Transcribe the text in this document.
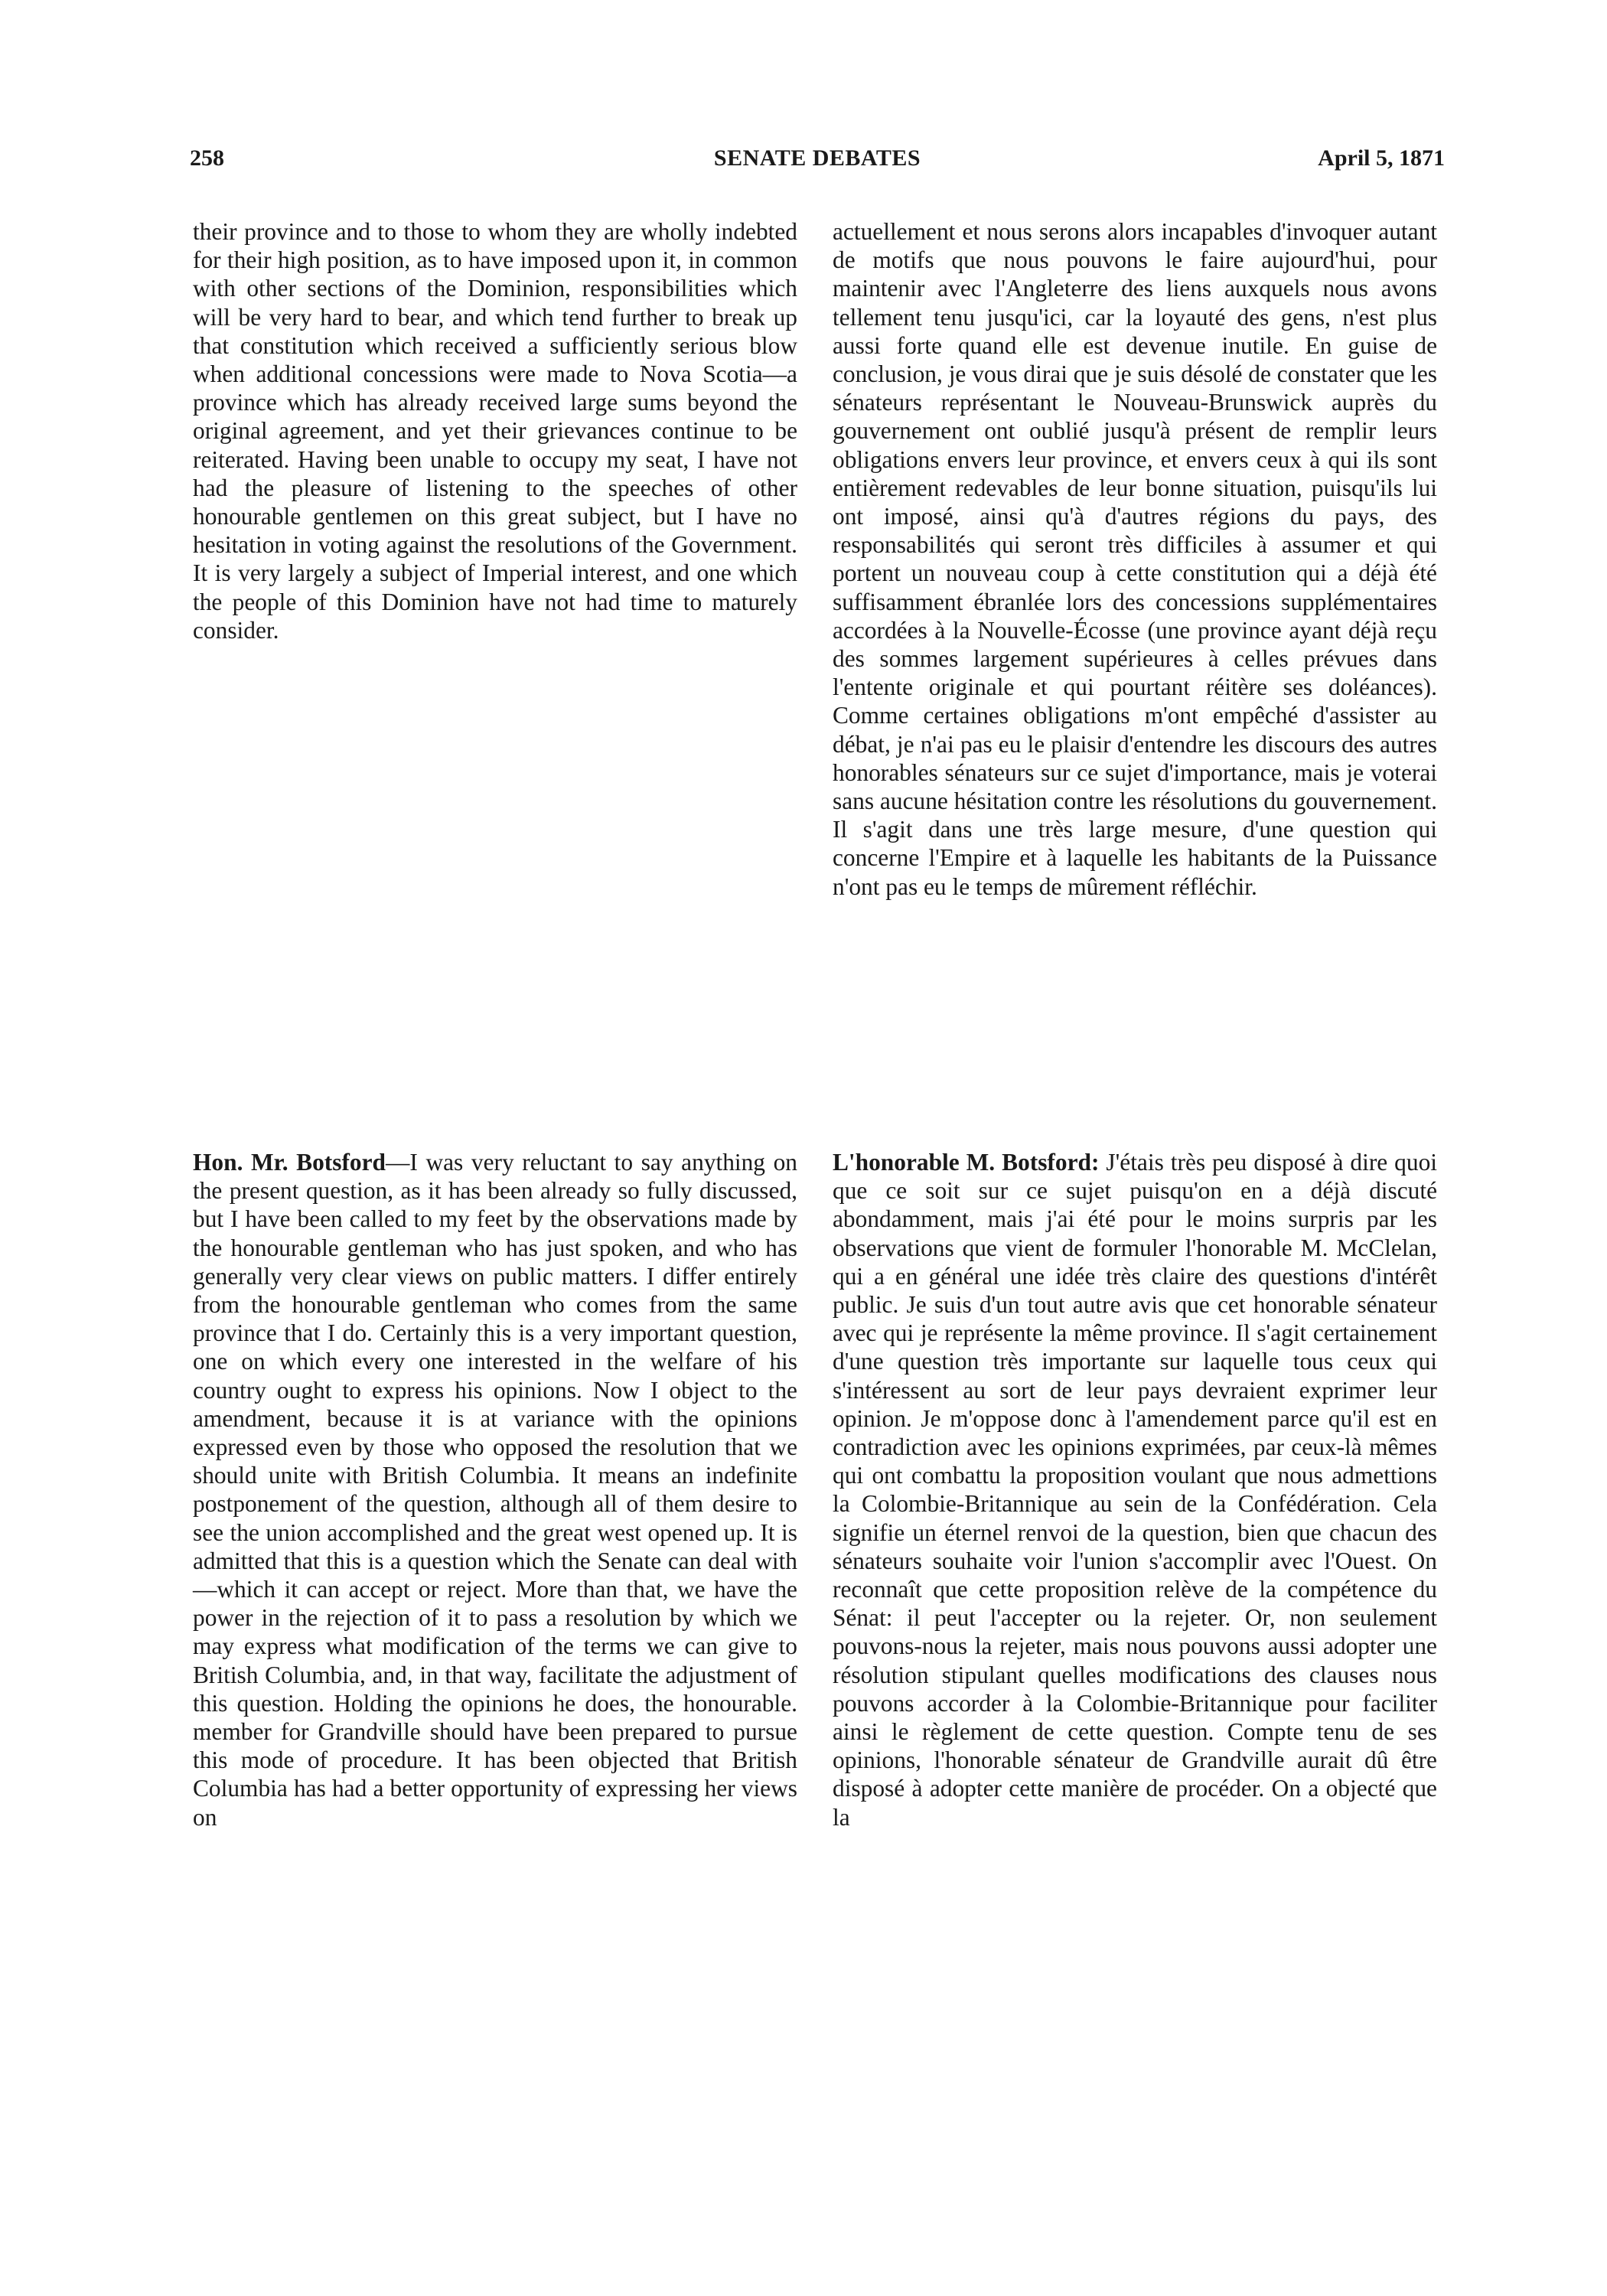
258	SENATE DEBATES	April 5, 1871

their province and to those to whom they are wholly indebted for their high position, as to have imposed upon it, in common with other sections of the Dominion, responsibilities which will be very hard to bear, and which tend further to break up that constitution which received a sufficiently serious blow when additional concessions were made to Nova Scotia—a province which has already received large sums beyond the original agreement, and yet their grievances continue to be reiterated. Having been unable to occupy my seat, I have not had the pleasure of listening to the speeches of other honourable gentlemen on this great subject, but I have no hesitation in voting against the resolutions of the Government. It is very largely a subject of Imperial interest, and one which the people of this Dominion have not had time to maturely consider.

actuellement et nous serons alors incapables d'invoquer autant de motifs que nous pouvons le faire aujourd'hui, pour maintenir avec l'Angleterre des liens auxquels nous avons tellement tenu jusqu'ici, car la loyauté des gens, n'est plus aussi forte quand elle est devenue inutile. En guise de conclusion, je vous dirai que je suis désolé de constater que les sénateurs représentant le Nouveau-Brunswick auprès du gouvernement ont oublié jusqu'à présent de remplir leurs obligations envers leur province, et envers ceux à qui ils sont entièrement redevables de leur bonne situation, puisqu'ils lui ont imposé, ainsi qu'à d'autres régions du pays, des responsabilités qui seront très difficiles à assumer et qui portent un nouveau coup à cette constitution qui a déjà été suffisamment ébranlée lors des concessions supplémentaires accordées à la Nouvelle-Écosse (une province ayant déjà reçu des sommes largement supérieures à celles prévues dans l'entente originale et qui pourtant réitère ses doléances). Comme certaines obligations m'ont empêché d'assister au débat, je n'ai pas eu le plaisir d'entendre les discours des autres honorables sénateurs sur ce sujet d'importance, mais je voterai sans aucune hésitation contre les résolutions du gouvernement. Il s'agit dans une très large mesure, d'une question qui concerne l'Empire et à laquelle les habitants de la Puissance n'ont pas eu le temps de mûrement réfléchir.

Hon. Mr. Botsford—I was very reluctant to say anything on the present question, as it has been already so fully discussed, but I have been called to my feet by the observations made by the honourable gentleman who has just spoken, and who has generally very clear views on public matters. I differ entirely from the honourable gentleman who comes from the same province that I do. Certainly this is a very important question, one on which every one interested in the welfare of his country ought to express his opinions. Now I object to the amendment, because it is at variance with the opinions expressed even by those who opposed the resolution that we should unite with British Columbia. It means an indefinite postponement of the question, although all of them desire to see the union accomplished and the great west opened up. It is admitted that this is a question which the Senate can deal with—which it can accept or reject. More than that, we have the power in the rejection of it to pass a resolution by which we may express what modification of the terms we can give to British Columbia, and, in that way, facilitate the adjustment of this question. Holding the opinions he does, the honourable. member for Grandville should have been prepared to pursue this mode of procedure. It has been objected that British Columbia has had a better opportunity of expressing her views on

L'honorable M. Botsford: J'étais très peu disposé à dire quoi que ce soit sur ce sujet puisqu'on en a déjà discuté abondamment, mais j'ai été pour le moins surpris par les observations que vient de formuler l'honorable M. McClelan, qui a en général une idée très claire des questions d'intérêt public. Je suis d'un tout autre avis que cet honorable sénateur avec qui je représente la même province. Il s'agit certainement d'une question très importante sur laquelle tous ceux qui s'intéressent au sort de leur pays devraient exprimer leur opinion. Je m'oppose donc à l'amendement parce qu'il est en contradiction avec les opinions exprimées, par ceux-là mêmes qui ont combattu la proposition voulant que nous admettions la Colombie-Britannique au sein de la Confédération. Cela signifie un éternel renvoi de la question, bien que chacun des sénateurs souhaite voir l'union s'accomplir avec l'Ouest. On reconnaît que cette proposition relève de la compétence du Sénat: il peut l'accepter ou la rejeter. Or, non seulement pouvons-nous la rejeter, mais nous pouvons aussi adopter une résolution stipulant quelles modifications des clauses nous pouvons accorder à la Colombie-Britannique pour faciliter ainsi le règlement de cette question. Compte tenu de ses opinions, l'honorable sénateur de Grandville aurait dû être disposé à adopter cette manière de procéder. On a objecté que la
